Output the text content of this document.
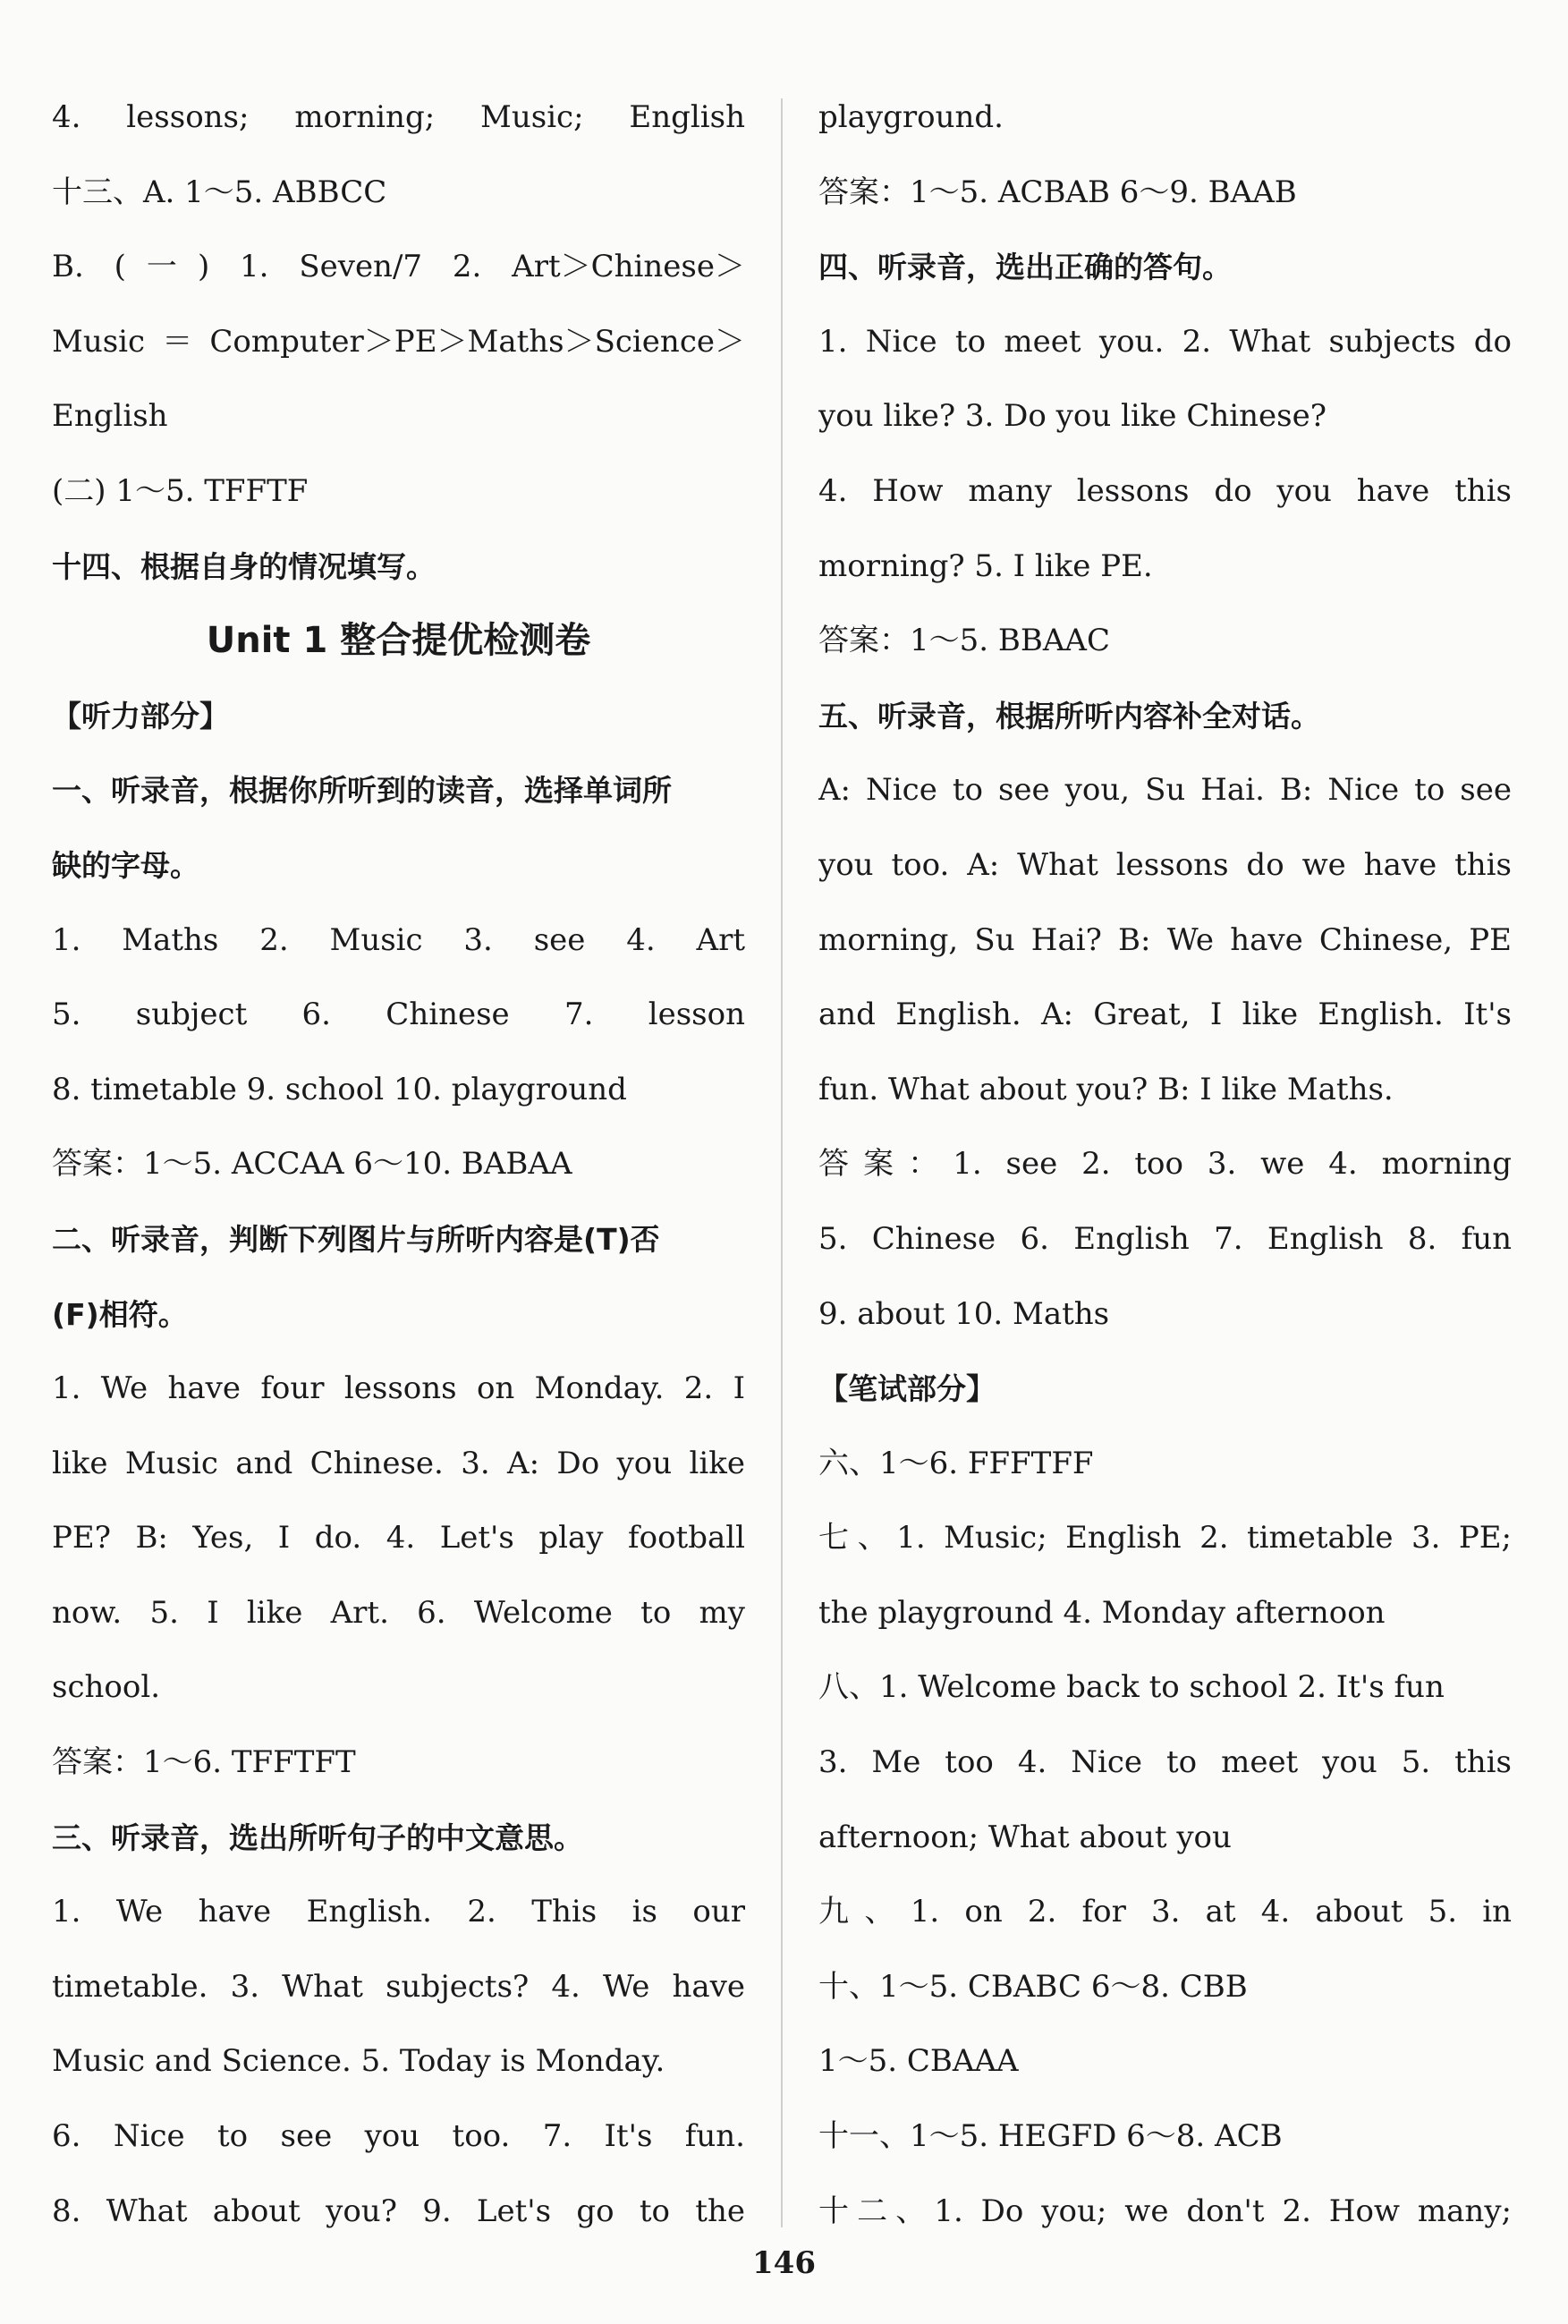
4. lessons; morning; Music; English
十三、A. 1～5. ABBCC
B. (一) 1. Seven/7 2. Art＞Chinese＞
Music＝Computer＞PE＞Maths＞Science＞
English
(二) 1～5. TFFTF
十四、根据自身的情况填写。
Unit 1 整合提优检测卷
【听力部分】
一、听录音，根据你所听到的读音，选择单词所
缺的字母。
1. Maths 2. Music 3. see 4. Art
5. subject 6. Chinese 7. lesson
8. timetable 9. school 10. playground
答案：1～5. ACCAA 6～10. BABAA
二、听录音，判断下列图片与所听内容是(T)否
(F)相符。
1. We have four lessons on Monday. 2. I
like Music and Chinese. 3. A: Do you like
PE? B: Yes, I do. 4. Let's play football
now. 5. I like Art. 6. Welcome to my
school.
答案：1～6. TFFTFT
三、听录音，选出所听句子的中文意思。
1. We have English. 2. This is our
timetable. 3. What subjects? 4. We have
Music and Science. 5. Today is Monday.
6. Nice to see you too. 7. It's fun.
8. What about you? 9. Let's go to the
playground.
答案：1～5. ACBAB 6～9. BAAB
四、听录音，选出正确的答句。
1. Nice to meet you. 2. What subjects do
you like? 3. Do you like Chinese?
4. How many lessons do you have this
morning? 5. I like PE.
答案：1～5. BBAAC
五、听录音，根据所听内容补全对话。
A: Nice to see you, Su Hai. B: Nice to see
you too. A: What lessons do we have this
morning, Su Hai? B: We have Chinese, PE
and English. A: Great, I like English. It's
fun. What about you? B: I like Maths.
答案：1. see 2. too 3. we 4. morning
5. Chinese 6. English 7. English 8. fun
9. about 10. Maths
【笔试部分】
六、1～6. FFFTFF
七、1. Music; English 2. timetable 3. PE;
the playground 4. Monday afternoon
八、1. Welcome back to school 2. It's fun
3. Me too 4. Nice to meet you 5. this
afternoon; What about you
九、1. on 2. for 3. at 4. about 5. in
十、1～5. CBABC 6～8. CBB
1～5. CBAAA
十一、1～5. HEGFD 6～8. ACB
十二、1. Do you; we don't 2. How many;
146
